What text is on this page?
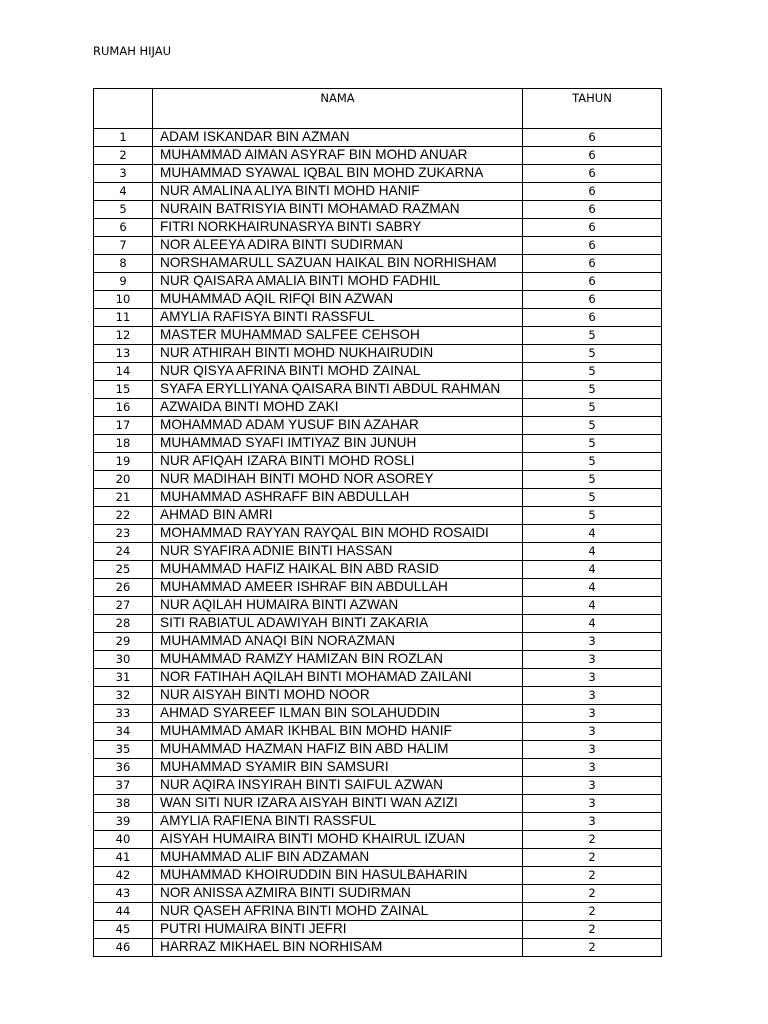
RUMAH HIJAU
	NAMA	TAHUN
1	ADAM ISKANDAR BIN AZMAN	6
2	MUHAMMAD AIMAN ASYRAF BIN MOHD ANUAR	6
3	MUHAMMAD SYAWAL IQBAL BIN MOHD ZUKARNA	6
4	NUR AMALINA ALIYA BINTI MOHD HANIF	6
5	NURAIN BATRISYIA BINTI MOHAMAD RAZMAN	6
6	FITRI NORKHAIRUNASRYA BINTI SABRY	6
7	NOR ALEEYA ADIRA BINTI SUDIRMAN	6
8	NORSHAMARULL SAZUAN HAIKAL BIN NORHISHAM	6
9	NUR QAISARA AMALIA BINTI MOHD FADHIL	6
10	MUHAMMAD AQIL RIFQI BIN AZWAN	6
11	AMYLIA RAFISYA BINTI RASSFUL	6
12	MASTER MUHAMMAD SALFEE CEHSOH	5
13	NUR ATHIRAH BINTI MOHD NUKHAIRUDIN	5
14	NUR QISYA AFRINA BINTI MOHD ZAINAL	5
15	SYAFA ERYLLIYANA QAISARA BINTI ABDUL RAHMAN	5
16	AZWAIDA BINTI MOHD ZAKI	5
17	MOHAMMAD ADAM YUSUF BIN AZAHAR	5
18	MUHAMMAD SYAFI IMTIYAZ BIN JUNUH	5
19	NUR AFIQAH IZARA BINTI MOHD ROSLI	5
20	NUR MADIHAH BINTI MOHD NOR ASOREY	5
21	MUHAMMAD ASHRAFF BIN ABDULLAH	5
22	AHMAD BIN AMRI	5
23	MOHAMMAD RAYYAN RAYQAL BIN MOHD ROSAIDI	4
24	NUR SYAFIRA ADNIE BINTI HASSAN	4
25	MUHAMMAD HAFIZ HAIKAL BIN ABD RASID	4
26	MUHAMMAD AMEER ISHRAF BIN ABDULLAH	4
27	NUR AQILAH HUMAIRA BINTI AZWAN	4
28	SITI RABIATUL ADAWIYAH BINTI ZAKARIA	4
29	MUHAMMAD ANAQI BIN NORAZMAN	3
30	MUHAMMAD RAMZY HAMIZAN BIN ROZLAN	3
31	NOR FATIHAH AQILAH BINTI MOHAMAD ZAILANI	3
32	NUR AISYAH BINTI MOHD NOOR	3
33	AHMAD SYAREEF ILMAN BIN SOLAHUDDIN	3
34	MUHAMMAD AMAR IKHBAL BIN MOHD HANIF	3
35	MUHAMMAD HAZMAN HAFIZ BIN ABD HALIM	3
36	MUHAMMAD SYAMIR BIN SAMSURI	3
37	NUR AQIRA INSYIRAH BINTI SAIFUL AZWAN	3
38	WAN SITI NUR IZARA AISYAH BINTI WAN AZIZI	3
39	AMYLIA RAFIENA BINTI RASSFUL	3
40	AISYAH HUMAIRA BINTI MOHD KHAIRUL IZUAN	2
41	MUHAMMAD ALIF BIN ADZAMAN	2
42	MUHAMMAD KHOIRUDDIN BIN HASULBAHARIN	2
43	NOR ANISSA AZMIRA BINTI SUDIRMAN	2
44	NUR QASEH AFRINA BINTI MOHD ZAINAL	2
45	PUTRI HUMAIRA BINTI JEFRI	2
46	HARRAZ MIKHAEL BIN NORHISAM	2
